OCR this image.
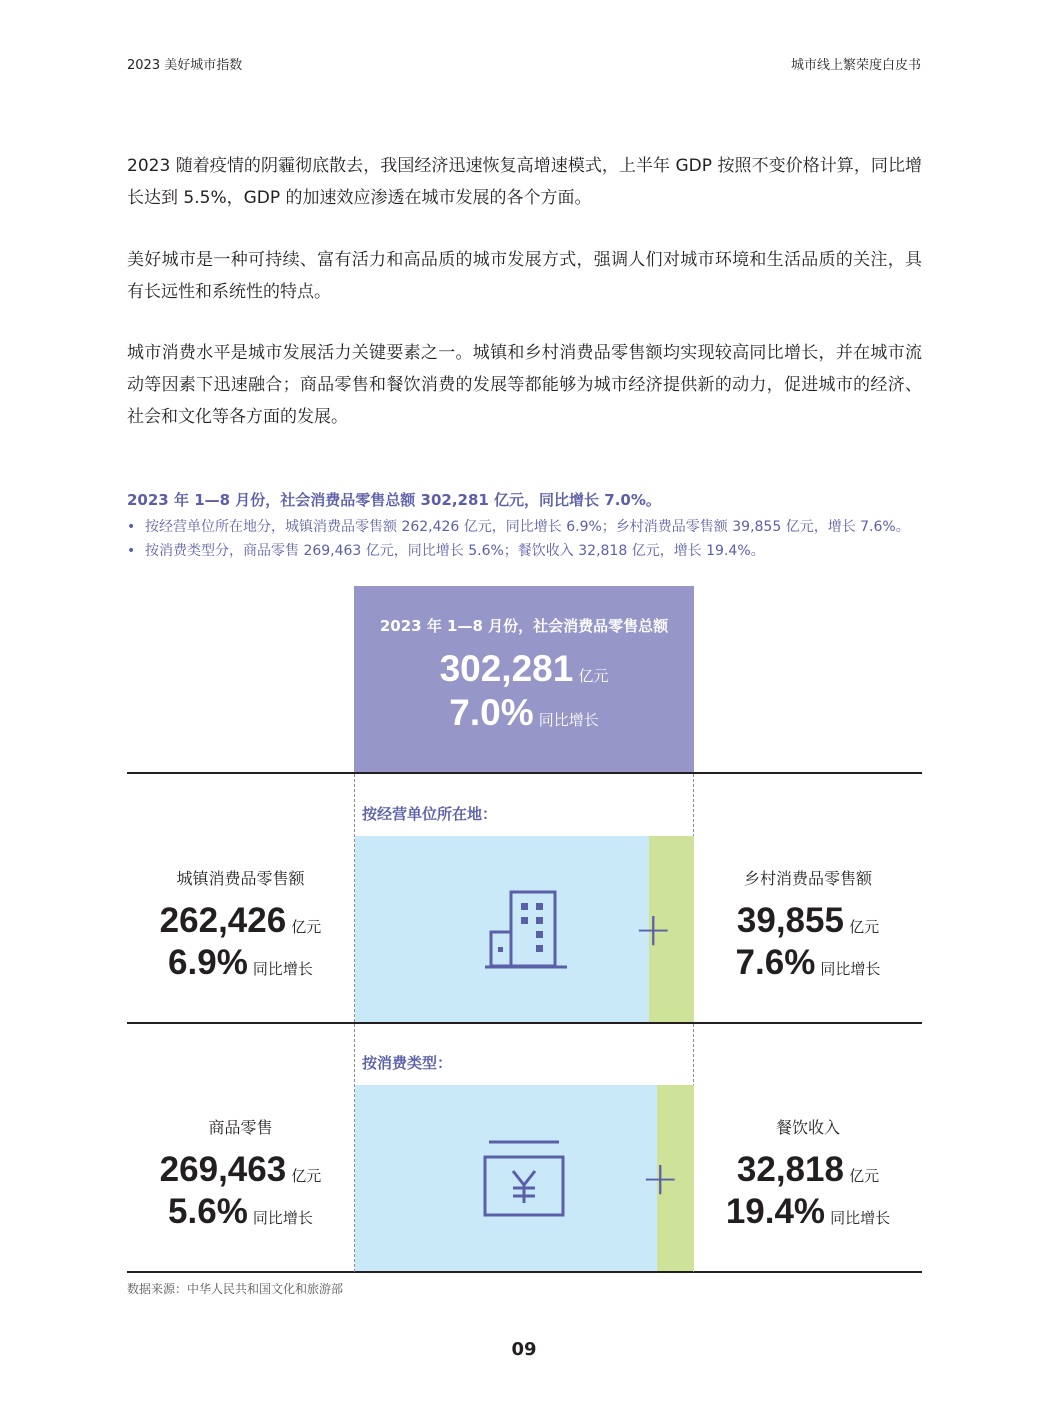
2023 美好城市指数	城市线上繁荣度白皮书

2023 随着疫情的阴霾彻底散去，我国经济迅速恢复高增速模式，上半年 GDP 按照不变价格计算，同比增长达到 5.5%，GDP 的加速效应渗透在城市发展的各个方面。

美好城市是一种可持续、富有活力和高品质的城市发展方式，强调人们对城市环境和生活品质的关注，具有长远性和系统性的特点。

城市消费水平是城市发展活力关键要素之一。城镇和乡村消费品零售额均实现较高同比增长，并在城市流动等因素下迅速融合；商品零售和餐饮消费的发展等都能够为城市经济提供新的动力，促进城市的经济、社会和文化等各方面的发展。

2023 年 1—8 月份，社会消费品零售总额 302,281 亿元，同比增长 7.0%。
• 按经营单位所在地分，城镇消费品零售额 262,426 亿元，同比增长 6.9%；乡村消费品零售额 39,855 亿元，增长 7.6%。
• 按消费类型分，商品零售 269,463 亿元，同比增长 5.6%；餐饮收入 32,818 亿元，增长 19.4%。
2023 年 1—8 月份，社会消费品零售总额
302,281 亿元
7.0% 同比增长
按经营单位所在地：
+
城镇消费品零售额
262,426 亿元
6.9% 同比增长
乡村消费品零售额
39,855 亿元
7.6% 同比增长
按消费类型：
+
商品零售
269,463 亿元
5.6% 同比增长
餐饮收入
32,818 亿元
19.4% 同比增长
数据来源：中华人民共和国文化和旅游部
09
